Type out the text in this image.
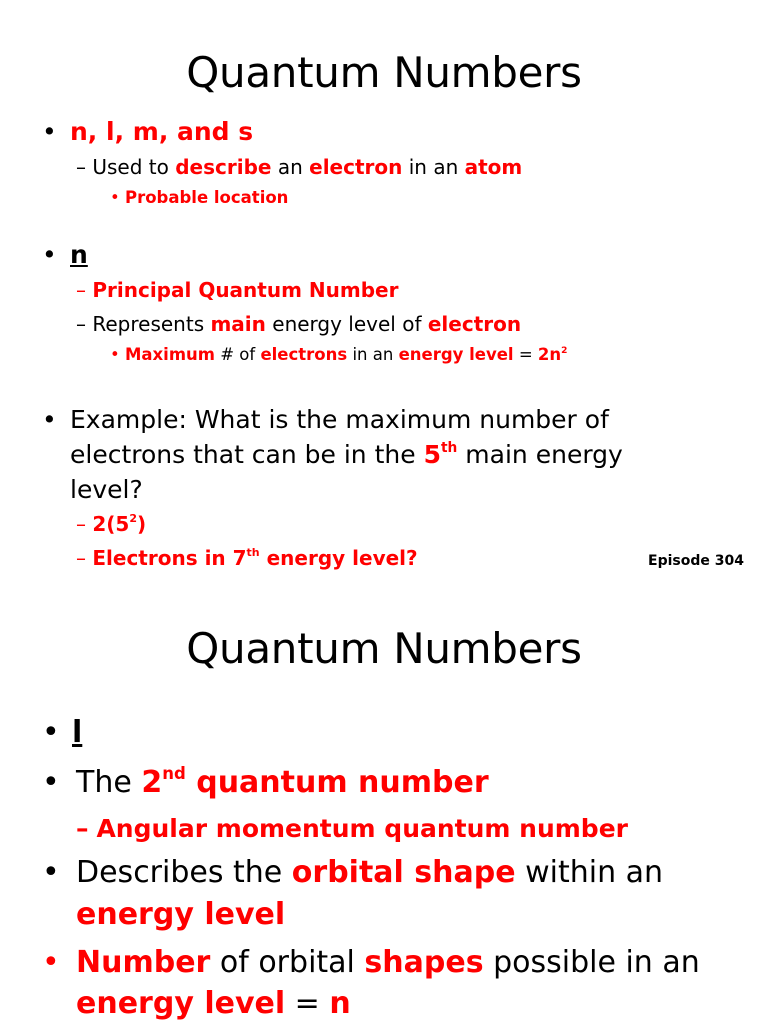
Quantum Numbers
• n, l, m, and s
– Used to describe an electron in an atom
• Probable location
• n
– Principal Quantum Number
– Represents main energy level of electron
• Maximum # of electrons in an energy level = $2n^2$
• Example: What is the maximum number of
electrons that can be in the 5th main energy
level?
– $2(5^2)$
– Electrons in 7th energy level?	Episode 304
Quantum Numbers
• l
• The 2nd quantum number
– Angular momentum quantum number
• Describes the orbital shape within an
energy level
• Number of orbital shapes possible in an
energy level = n
